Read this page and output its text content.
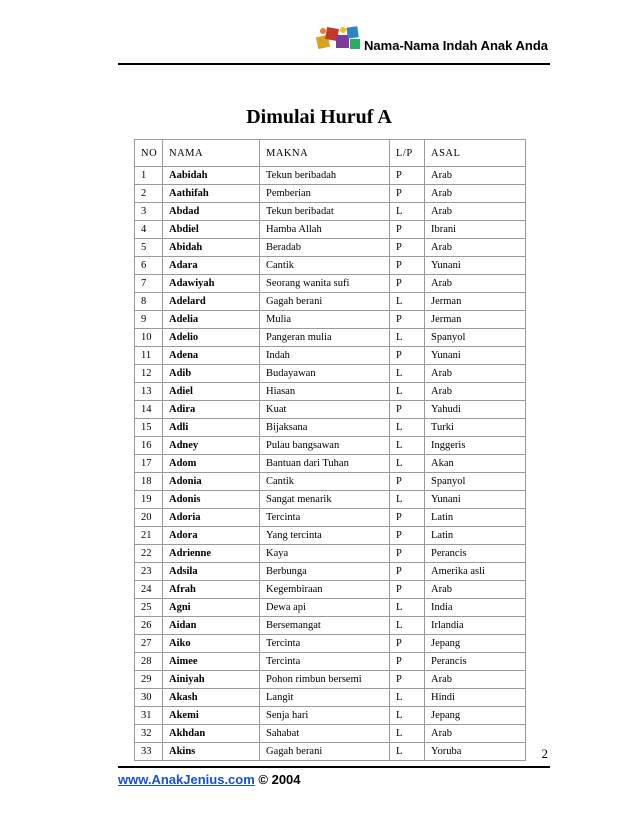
Nama-Nama Indah Anak Anda
Dimulai Huruf A
NO	NAMA	MAKNA	L/P	ASAL
1	Aabidah	Tekun beribadah	P	Arab
2	Aathifah	Pemberian	P	Arab
3	Abdad	Tekun beribadat	L	Arab
4	Abdiel	Hamba Allah	P	Ibrani
5	Abidah	Beradab	P	Arab
6	Adara	Cantik	P	Yunani
7	Adawiyah	Seorang wanita sufi	P	Arab
8	Adelard	Gagah berani	L	Jerman
9	Adelia	Mulia	P	Jerman
10	Adelio	Pangeran mulia	L	Spanyol
11	Adena	Indah	P	Yunani
12	Adib	Budayawan	L	Arab
13	Adiel	Hiasan	L	Arab
14	Adira	Kuat	P	Yahudi
15	Adli	Bijaksana	L	Turki
16	Adney	Pulau bangsawan	L	Inggeris
17	Adom	Bantuan dari Tuhan	L	Akan
18	Adonia	Cantik	P	Spanyol
19	Adonis	Sangat menarik	L	Yunani
20	Adoria	Tercinta	P	Latin
21	Adora	Yang tercinta	P	Latin
22	Adrienne	Kaya	P	Perancis
23	Adsila	Berbunga	P	Amerika asli
24	Afrah	Kegembiraan	P	Arab
25	Agni	Dewa api	L	India
26	Aidan	Bersemangat	L	Irlandia
27	Aiko	Tercinta	P	Jepang
28	Aimee	Tercinta	P	Perancis
29	Ainiyah	Pohon rimbun bersemi	P	Arab
30	Akash	Langit	L	Hindi
31	Akemi	Senja hari	L	Jepang
32	Akhdan	Sahabat	L	Arab
33	Akins	Gagah berani	L	Yoruba	2
www.AnakJenius.com © 2004
